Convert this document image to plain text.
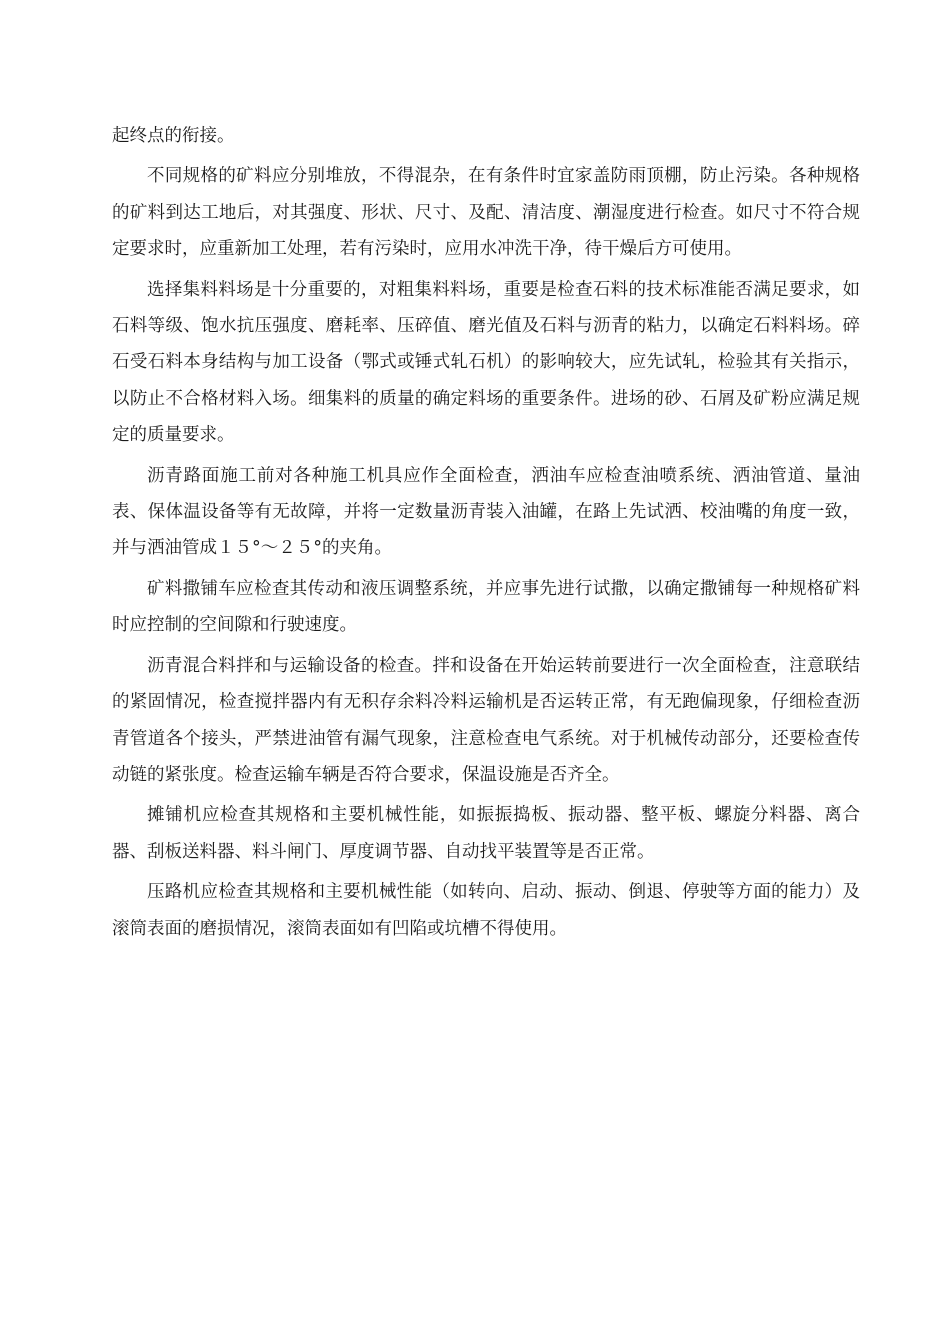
起终点的衔接。

不同规格的矿料应分别堆放，不得混杂，在有条件时宜家盖防雨顶棚，防止污染。各种规格的矿料到达工地后，对其强度、形状、尺寸、及配、清洁度、潮湿度进行检查。如尺寸不符合规定要求时，应重新加工处理，若有污染时，应用水冲洗干净，待干燥后方可使用。

选择集料料场是十分重要的，对粗集料料场，重要是检查石料的技术标准能否满足要求，如石料等级、饱水抗压强度、磨耗率、压碎值、磨光值及石料与沥青的粘力，以确定石料料场。碎石受石料本身结构与加工设备（鄂式或锤式轧石机）的影响较大，应先试轧，检验其有关指示，以防止不合格材料入场。细集料的质量的确定料场的重要条件。进场的砂、石屑及矿粉应满足规定的质量要求。

沥青路面施工前对各种施工机具应作全面检查，洒油车应检查油喷系统、洒油管道、量油表、保体温设备等有无故障，并将一定数量沥青装入油罐，在路上先试洒、校油嘴的角度一致，并与洒油管成１５°～２５°的夹角。

矿料撒铺车应检查其传动和液压调整系统，并应事先进行试撒，以确定撒铺每一种规格矿料时应控制的空间隙和行驶速度。

沥青混合料拌和与运输设备的检查。拌和设备在开始运转前要进行一次全面检查，注意联结的紧固情况，检查搅拌器内有无积存余料冷料运输机是否运转正常，有无跑偏现象，仔细检查沥青管道各个接头，严禁进油管有漏气现象，注意检查电气系统。对于机械传动部分，还要检查传动链的紧张度。检查运输车辆是否符合要求，保温设施是否齐全。

摊铺机应检查其规格和主要机械性能，如振振捣板、振动器、整平板、螺旋分料器、离合器、刮板送料器、料斗闸门、厚度调节器、自动找平装置等是否正常。

压路机应检查其规格和主要机械性能（如转向、启动、振动、倒退、停驶等方面的能力）及滚筒表面的磨损情况，滚筒表面如有凹陷或坑槽不得使用。
